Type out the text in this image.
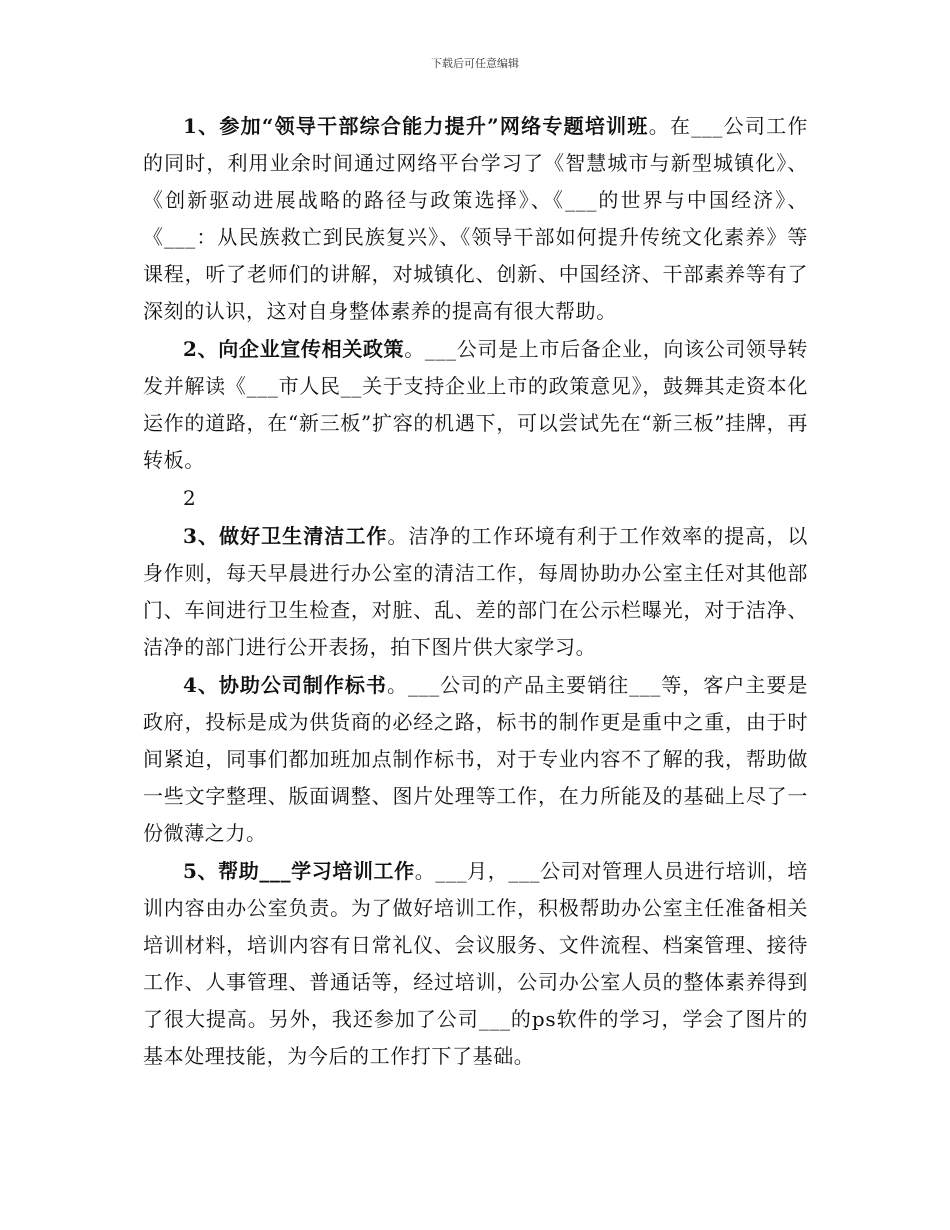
下载后可任意编辑

1、参加“领导干部综合能力提升”网络专题培训班。在___公司工作的同时，利用业余时间通过网络平台学习了《智慧城市与新型城镇化》、《创新驱动进展战略的路径与政策选择》、《___的世界与中国经济》、《___：从民族救亡到民族复兴》、《领导干部如何提升传统文化素养》等课程，听了老师们的讲解，对城镇化、创新、中国经济、干部素养等有了深刻的认识，这对自身整体素养的提高有很大帮助。

2、向企业宣传相关政策。___公司是上市后备企业，向该公司领导转发并解读《___市人民__关于支持企业上市的政策意见》，鼓舞其走资本化运作的道路，在“新三板”扩容的机遇下，可以尝试先在“新三板”挂牌，再转板。

2

3、做好卫生清洁工作。洁净的工作环境有利于工作效率的提高，以身作则，每天早晨进行办公室的清洁工作，每周协助办公室主任对其他部门、车间进行卫生检查，对脏、乱、差的部门在公示栏曝光，对于洁净、洁净的部门进行公开表扬，拍下图片供大家学习。

4、协助公司制作标书。___公司的产品主要销往___等，客户主要是政府，投标是成为供货商的必经之路，标书的制作更是重中之重，由于时间紧迫，同事们都加班加点制作标书，对于专业内容不了解的我，帮助做一些文字整理、版面调整、图片处理等工作，在力所能及的基础上尽了一份微薄之力。

5、帮助___学习培训工作。___月，___公司对管理人员进行培训，培训内容由办公室负责。为了做好培训工作，积极帮助办公室主任准备相关培训材料，培训内容有日常礼仪、会议服务、文件流程、档案管理、接待工作、人事管理、普通话等，经过培训，公司办公室人员的整体素养得到了很大提高。另外，我还参加了公司___的ps软件的学习，学会了图片的基本处理技能，为今后的工作打下了基础。
